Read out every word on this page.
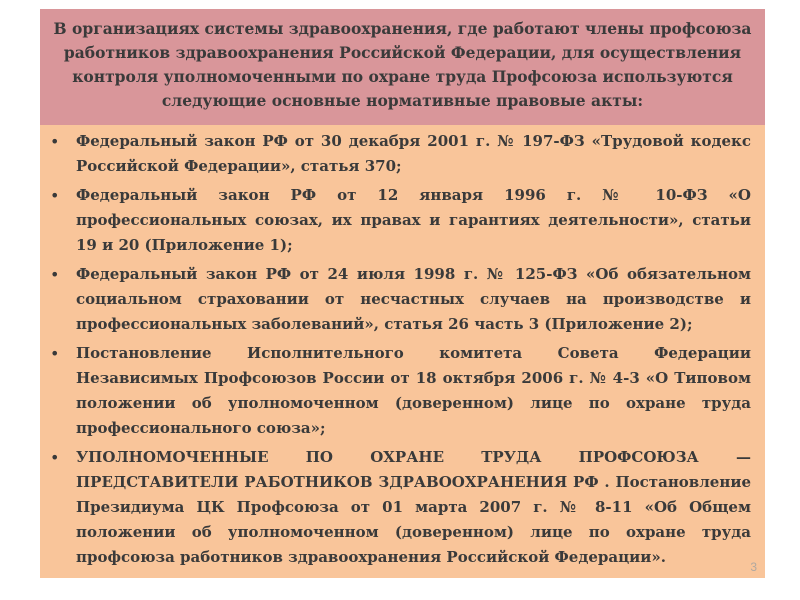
В организациях системы здравоохранения, где работают члены профсоюза работников здравоохранения Российской Федерации, для осуществления контроля уполномоченными по охране труда Профсоюза используются следующие основные нормативные правовые акты:

•	Федеральный закон РФ от 30 декабря 2001 г. № 197-ФЗ «Трудовой кодекс Российской Федерации», статья 370;

•	Федеральный закон РФ от 12 января 1996 г. № 10-ФЗ «О профессиональных союзах, их правах и гарантиях деятельности», статьи 19 и 20 (Приложение 1);

•	Федеральный закон РФ от 24 июля 1998 г. № 125-ФЗ «Об обязательном социальном страховании от несчастных случаев на производстве и профессиональных заболеваний», статья 26 часть 3 (Приложение 2);

•	Постановление Исполнительного комитета Совета Федерации Независимых Профсоюзов России от 18 октября 2006 г. № 4-3 «О Типовом положении об уполномоченном (доверенном) лице по охране труда профессионального союза»;

•	УПОЛНОМОЧЕННЫЕ ПО ОХРАНЕ ТРУДА ПРОФСОЮЗА — ПРЕДСТАВИТЕЛИ РАБОТНИКОВ ЗДРАВООХРАНЕНИЯ РФ . Постановление Президиума ЦК Профсоюза от 01 марта 2007 г. № 8-11 «Об Общем положении об уполномоченном (доверенном) лице по охране труда профсоюза работников здравоохранения Российской Федерации».

3
